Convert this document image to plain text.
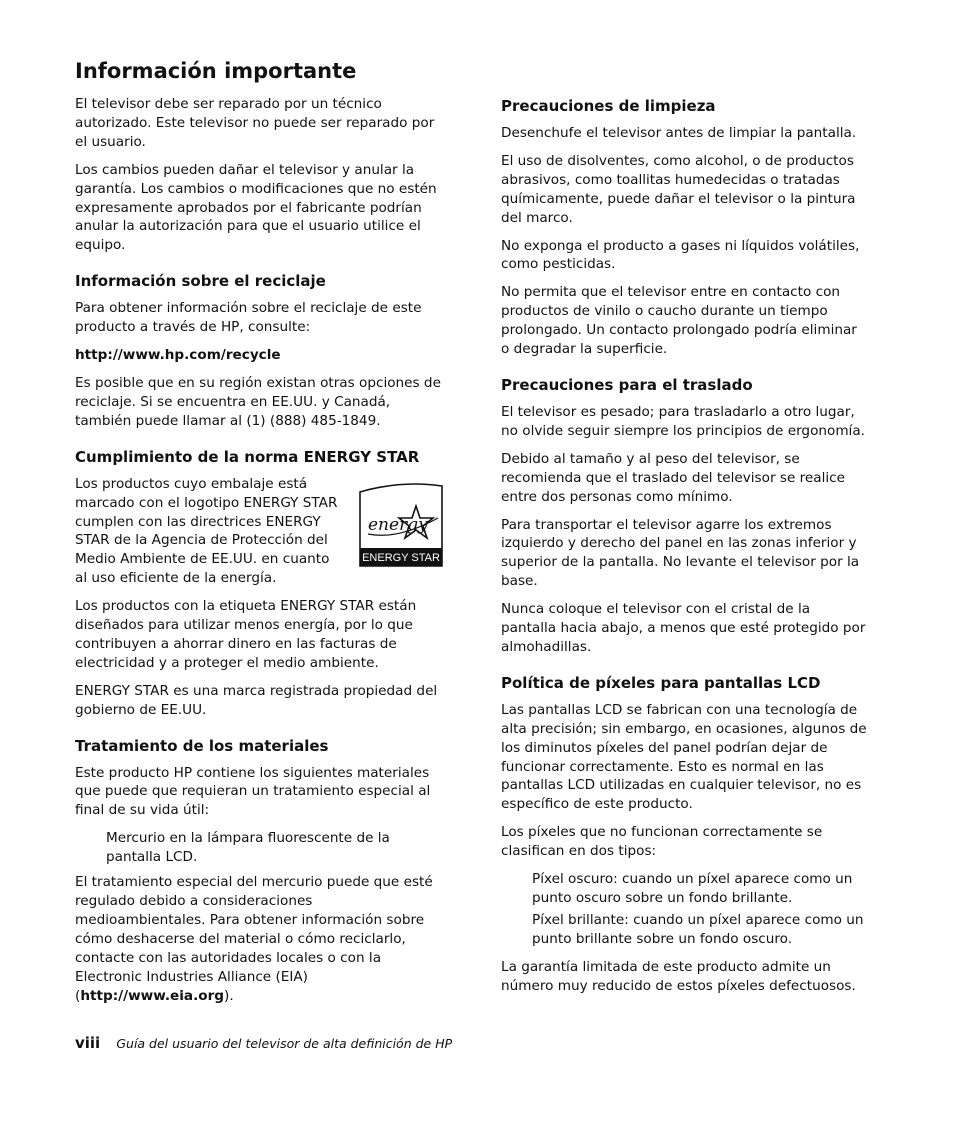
Información importante

El televisor debe ser reparado por un técnico autorizado. Este televisor no puede ser reparado por el usuario.

Los cambios pueden dañar el televisor y anular la garantía. Los cambios o modificaciones que no estén expresamente aprobados por el fabricante podrían anular la autorización para que el usuario utilice el equipo.

Información sobre el reciclaje

Para obtener información sobre el reciclaje de este producto a través de HP, consulte:

http://www.hp.com/recycle

Es posible que en su región existan otras opciones de reciclaje. Si se encuentra en EE.UU. y Canadá, también puede llamar al (1) (888) 485-1849.

Cumplimiento de la norma ENERGY STAR

Los productos cuyo embalaje está marcado con el logotipo ENERGY STAR cumplen con las directrices ENERGY STAR de la Agencia de Protección del Medio Ambiente de EE.UU. en cuanto al uso eficiente de la energía.

energy
ENERGY STAR

Los productos con la etiqueta ENERGY STAR están diseñados para utilizar menos energía, por lo que contribuyen a ahorrar dinero en las facturas de electricidad y a proteger el medio ambiente.

ENERGY STAR es una marca registrada propiedad del gobierno de EE.UU.

Tratamiento de los materiales

Este producto HP contiene los siguientes materiales que puede que requieran un tratamiento especial al final de su vida útil:

Mercurio en la lámpara fluorescente de la pantalla LCD.

El tratamiento especial del mercurio puede que esté regulado debido a consideraciones medioambientales. Para obtener información sobre cómo deshacerse del material o cómo reciclarlo, contacte con las autoridades locales o con la Electronic Industries Alliance (EIA)
(http://www.eia.org).

Precauciones de limpieza

Desenchufe el televisor antes de limpiar la pantalla.

El uso de disolventes, como alcohol, o de productos abrasivos, como toallitas humedecidas o tratadas químicamente, puede dañar el televisor o la pintura del marco.

No exponga el producto a gases ni líquidos volátiles, como pesticidas.

No permita que el televisor entre en contacto con productos de vinilo o caucho durante un tiempo prolongado. Un contacto prolongado podría eliminar o degradar la superficie.

Precauciones para el traslado

El televisor es pesado; para trasladarlo a otro lugar, no olvide seguir siempre los principios de ergonomía.

Debido al tamaño y al peso del televisor, se recomienda que el traslado del televisor se realice entre dos personas como mínimo.

Para transportar el televisor agarre los extremos izquierdo y derecho del panel en las zonas inferior y superior de la pantalla. No levante el televisor por la base.

Nunca coloque el televisor con el cristal de la pantalla hacia abajo, a menos que esté protegido por almohadillas.

Política de píxeles para pantallas LCD

Las pantallas LCD se fabrican con una tecnología de alta precisión; sin embargo, en ocasiones, algunos de los diminutos píxeles del panel podrían dejar de funcionar correctamente. Esto es normal en las pantallas LCD utilizadas en cualquier televisor, no es específico de este producto.

Los píxeles que no funcionan correctamente se clasifican en dos tipos:

Píxel oscuro: cuando un píxel aparece como un punto oscuro sobre un fondo brillante.

Píxel brillante: cuando un píxel aparece como un punto brillante sobre un fondo oscuro.

La garantía limitada de este producto admite un número muy reducido de estos píxeles defectuosos.

viii Guía del usuario del televisor de alta definición de HP
